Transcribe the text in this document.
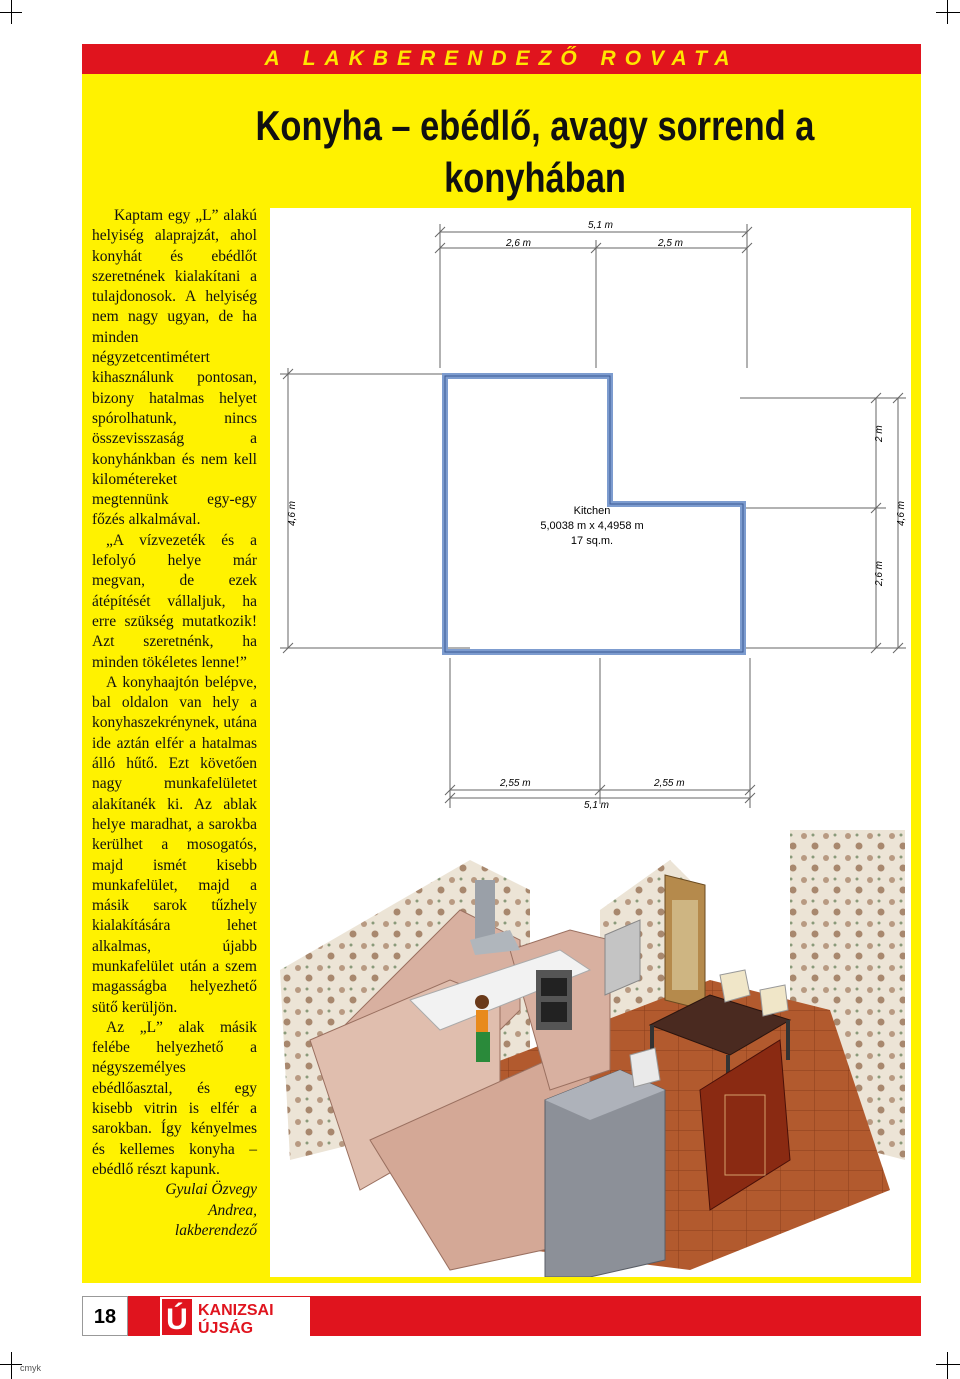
cmyk
A LAKBERENDEZŐ ROVATA
Konyha – ebédlő, avagy sorrend a konyhában

Kaptam egy „L” alakú helyiség alaprajzát, ahol konyhát és ebédlőt szeretnének kialakítani a tulajdonosok. A helyiség nem nagy ugyan, de ha minden négyzetcentimétert kihasználunk pontosan, bizony hatalmas helyet spórolhatunk, nincs összevisszaság a konyhánkban és nem kell kilométereket megtennünk egy-egy főzés alkalmával.

„A vízvezeték és a lefolyó helye már megvan, de ezek átépítését vállaljuk, ha erre szükség mutatkozik! Azt szeretnénk, ha minden tökéletes lenne!”

A konyhaajtón belépve, bal oldalon van hely a konyhaszekrénynek, utána ide aztán elfér a hatalmas álló hűtő. Ezt követően nagy munkafelületet alakítanék ki. Az ablak helye maradhat, a sarokba kerülhet a mosogatós, majd ismét kisebb munkafelület, majd a másik sarok tűzhely kialakítására lehet alkalmas, újabb munkafelület után a szem magasságba helyezhető sütő kerüljön.

Az „L” alak másik felébe helyezhető a négyszemélyes ebédlőasztal, és egy kisebb vitrin is elfér a sarokban. Így kényelmes és kellemes konyha – ebédlő részt kapunk.

Gyulai Özvegy
Andrea,
lakberendező
5,1 m
2,6 m	2,5 m
2,55 m	2,55 m
5,1 m
4,6 m
2 m
2,6 m
4,6 m
Kitchen
5,0038 m x 4,4958 m
17 sq.m.
18	Ú KANIZSAI
ÚJSÁG
